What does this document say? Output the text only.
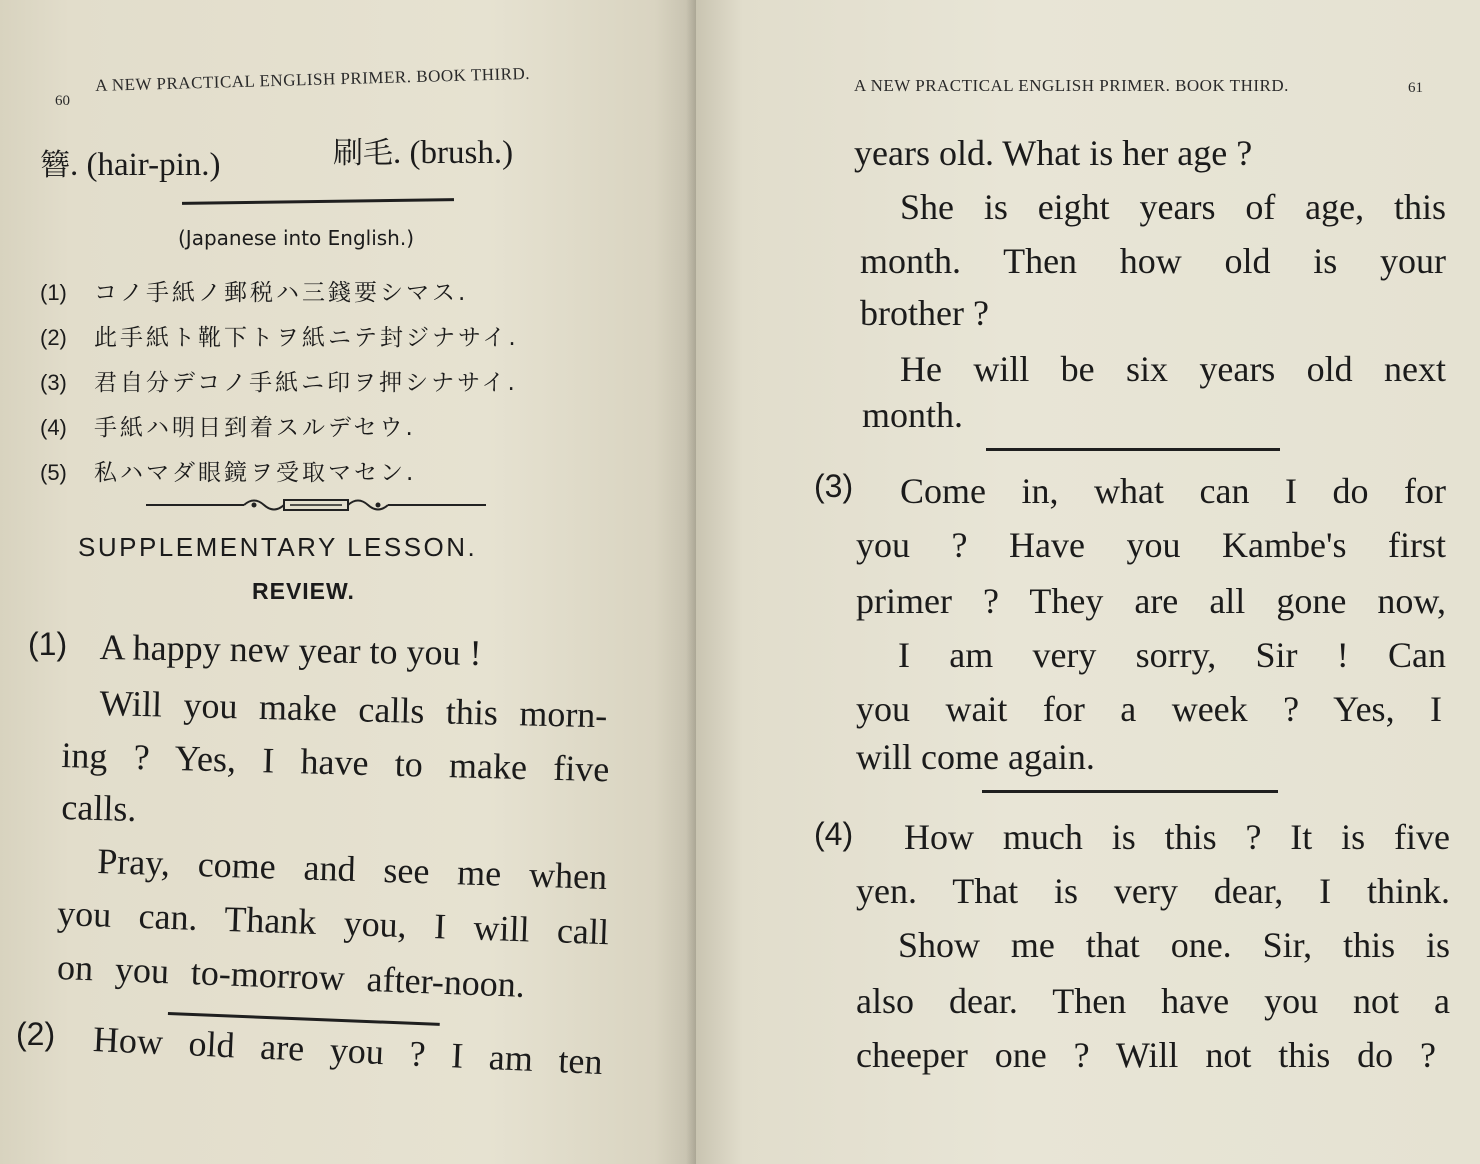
60
A NEW PRACTICAL ENGLISH PRIMER. BOOK THIRD.
簪. (hair-pin.)	刷毛. (brush.)
(Japanese into English.)
(1) コノ手紙ノ郵税ハ三錢要シマス.
(2) 此手紙ト靴下トヲ紙ニテ封ジナサイ.
(3) 君自分デコノ手紙ニ印ヲ押シナサイ.
(4) 手紙ハ明日到着スルデセウ.
(5) 私ハマダ眼鏡ヲ受取マセン.
SUPPLEMENTARY LESSON.
REVIEW.
(1) A happy new year to you !
Will you make calls this morn-
ing ? Yes, I have to make five
calls.
Pray, come and see me when
you can. Thank you, I will call
on you to-morrow after-noon.
(2) How old are you ? I am ten
A NEW PRACTICAL ENGLISH PRIMER. BOOK THIRD.	61
years old. What is her age ?
She is eight years of age, this
month. Then how old is your
brother ?
He will be six years old next
month.
(3) Come in, what can I do for
you ? Have you Kambe's first
primer ? They are all gone now,
I am very sorry, Sir ! Can
you wait for a week ? Yes, I
will come again.
(4) How much is this ? It is five
yen. That is very dear, I think.
Show me that one. Sir, this is
also dear. Then have you not a
cheeper one ? Will not this do ?
